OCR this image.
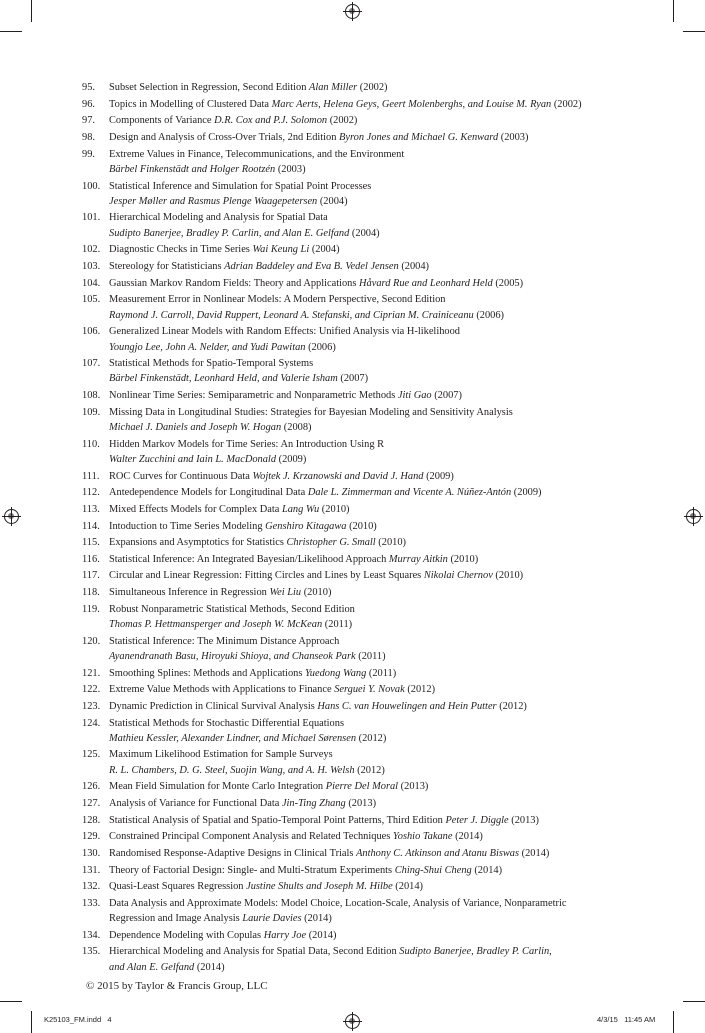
95. Subset Selection in Regression, Second Edition Alan Miller (2002)
96. Topics in Modelling of Clustered Data Marc Aerts, Helena Geys, Geert Molenberghs, and Louise M. Ryan (2002)
97. Components of Variance D.R. Cox and P.J. Solomon (2002)
98. Design and Analysis of Cross-Over Trials, 2nd Edition Byron Jones and Michael G. Kenward (2003)
99. Extreme Values in Finance, Telecommunications, and the Environment
Bärbel Finkenstädt and Holger Rootzén (2003)
100. Statistical Inference and Simulation for Spatial Point Processes
Jesper Møller and Rasmus Plenge Waagepetersen (2004)
101. Hierarchical Modeling and Analysis for Spatial Data
Sudipto Banerjee, Bradley P. Carlin, and Alan E. Gelfand (2004)
102. Diagnostic Checks in Time Series Wai Keung Li (2004)
103. Stereology for Statisticians Adrian Baddeley and Eva B. Vedel Jensen (2004)
104. Gaussian Markov Random Fields: Theory and Applications Håvard Rue and Leonhard Held (2005)
105. Measurement Error in Nonlinear Models: A Modern Perspective, Second Edition
Raymond J. Carroll, David Ruppert, Leonard A. Stefanski, and Ciprian M. Crainiceanu (2006)
106. Generalized Linear Models with Random Effects: Unified Analysis via H-likelihood
Youngjo Lee, John A. Nelder, and Yudi Pawitan (2006)
107. Statistical Methods for Spatio-Temporal Systems
Bärbel Finkenstädt, Leonhard Held, and Valerie Isham (2007)
108. Nonlinear Time Series: Semiparametric and Nonparametric Methods Jiti Gao (2007)
109. Missing Data in Longitudinal Studies: Strategies for Bayesian Modeling and Sensitivity Analysis
Michael J. Daniels and Joseph W. Hogan (2008)
110. Hidden Markov Models for Time Series: An Introduction Using R
Walter Zucchini and Iain L. MacDonald (2009)
111. ROC Curves for Continuous Data Wojtek J. Krzanowski and David J. Hand (2009)
112. Antedependence Models for Longitudinal Data Dale L. Zimmerman and Vicente A. Núñez-Antón (2009)
113. Mixed Effects Models for Complex Data Lang Wu (2010)
114. Intoduction to Time Series Modeling Genshiro Kitagawa (2010)
115. Expansions and Asymptotics for Statistics Christopher G. Small (2010)
116. Statistical Inference: An Integrated Bayesian/Likelihood Approach Murray Aitkin (2010)
117. Circular and Linear Regression: Fitting Circles and Lines by Least Squares Nikolai Chernov (2010)
118. Simultaneous Inference in Regression Wei Liu (2010)
119. Robust Nonparametric Statistical Methods, Second Edition
Thomas P. Hettmansperger and Joseph W. McKean (2011)
120. Statistical Inference: The Minimum Distance Approach
Ayanendranath Basu, Hiroyuki Shioya, and Chanseok Park (2011)
121. Smoothing Splines: Methods and Applications Yuedong Wang (2011)
122. Extreme Value Methods with Applications to Finance Serguei Y. Novak (2012)
123. Dynamic Prediction in Clinical Survival Analysis Hans C. van Houwelingen and Hein Putter (2012)
124. Statistical Methods for Stochastic Differential Equations
Mathieu Kessler, Alexander Lindner, and Michael Sørensen (2012)
125. Maximum Likelihood Estimation for Sample Surveys
R. L. Chambers, D. G. Steel, Suojin Wang, and A. H. Welsh (2012)
126. Mean Field Simulation for Monte Carlo Integration Pierre Del Moral (2013)
127. Analysis of Variance for Functional Data Jin-Ting Zhang (2013)
128. Statistical Analysis of Spatial and Spatio-Temporal Point Patterns, Third Edition Peter J. Diggle (2013)
129. Constrained Principal Component Analysis and Related Techniques Yoshio Takane (2014)
130. Randomised Response-Adaptive Designs in Clinical Trials Anthony C. Atkinson and Atanu Biswas (2014)
131. Theory of Factorial Design: Single- and Multi-Stratum Experiments Ching-Shui Cheng (2014)
132. Quasi-Least Squares Regression Justine Shults and Joseph M. Hilbe (2014)
133. Data Analysis and Approximate Models: Model Choice, Location-Scale, Analysis of Variance, Nonparametric
Regression and Image Analysis Laurie Davies (2014)
134. Dependence Modeling with Copulas Harry Joe (2014)
135. Hierarchical Modeling and Analysis for Spatial Data, Second Edition Sudipto Banerjee, Bradley P. Carlin,
and Alan E. Gelfand (2014)
© 2015 by Taylor & Francis Group, LLC
K25103_FM.indd   4	4/3/15   11:45 AM
